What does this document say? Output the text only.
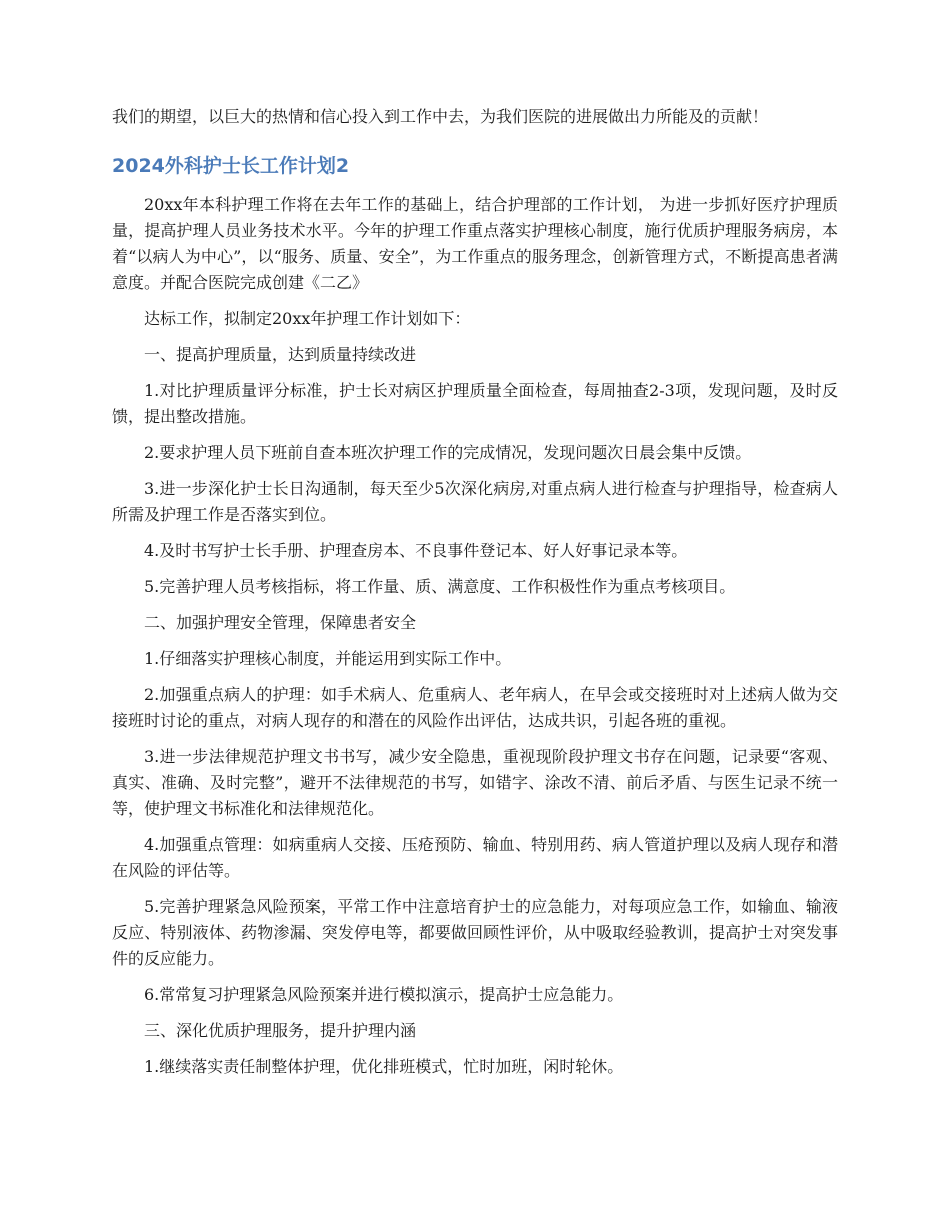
我们的期望，以巨大的热情和信心投入到工作中去，为我们医院的进展做出力所能及的贡献！

2024外科护士长工作计划2

20xx年本科护理工作将在去年工作的基础上，结合护理部的工作计划， 为进一步抓好医疗护理质量，提高护理人员业务技术水平。今年的护理工作重点落实护理核心制度，施行优质护理服务病房，本着“以病人为中心”，以“服务、质量、安全”，为工作重点的服务理念，创新管理方式，不断提高患者满意度。并配合医院完成创建《二乙》

达标工作，拟制定20xx年护理工作计划如下：

一、提高护理质量，达到质量持续改进

1.对比护理质量评分标准，护士长对病区护理质量全面检查，每周抽查2-3项，发现问题，及时反馈，提出整改措施。

2.要求护理人员下班前自查本班次护理工作的完成情况，发现问题次日晨会集中反馈。

3.进一步深化护士长日沟通制，每天至少5次深化病房,对重点病人进行检查与护理指导，检查病人所需及护理工作是否落实到位。

4.及时书写护士长手册、护理查房本、不良事件登记本、好人好事记录本等。

5.完善护理人员考核指标，将工作量、质、满意度、工作积极性作为重点考核项目。

二、加强护理安全管理，保障患者安全

1.仔细落实护理核心制度，并能运用到实际工作中。

2.加强重点病人的护理：如手术病人、危重病人、老年病人，在早会或交接班时对上述病人做为交接班时讨论的重点，对病人现存的和潜在的风险作出评估，达成共识，引起各班的重视。

3.进一步法律规范护理文书书写，减少安全隐患，重视现阶段护理文书存在问题，记录要“客观、真实、准确、及时完整”，避开不法律规范的书写，如错字、涂改不清、前后矛盾、与医生记录不统一等，使护理文书标准化和法律规范化。

4.加强重点管理：如病重病人交接、压疮预防、输血、特别用药、病人管道护理以及病人现存和潜在风险的评估等。

5.完善护理紧急风险预案，平常工作中注意培育护士的应急能力，对每项应急工作，如输血、输液反应、特别液体、药物渗漏、突发停电等，都要做回顾性评价，从中吸取经验教训，提高护士对突发事件的反应能力。

6.常常复习护理紧急风险预案并进行模拟演示，提高护士应急能力。

三、深化优质护理服务，提升护理内涵

1.继续落实责任制整体护理，优化排班模式，忙时加班，闲时轮休。
